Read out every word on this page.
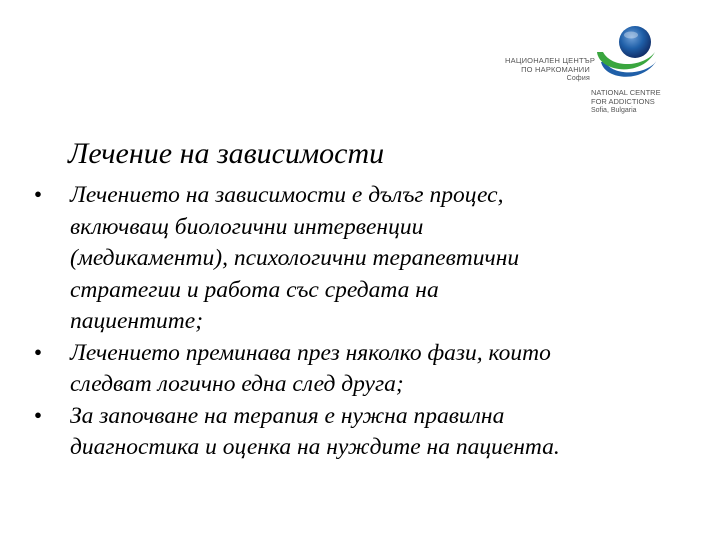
НАЦИОНАЛЕН ЦЕНТЪР
ПО НАРКОМАНИИ
София
NATIONAL CENTRE
FOR ADDICTIONS
Sofia, Bulgaria
Лечение на зависимости
• Лечението на зависимости е дълъг процес,
включващ биологични интервенции
(медикаменти), психологични терапевтични
стратегии и работа със средата на
пациентите;
• Лечението преминава през няколко фази, които
следват логично една след друга;
• За започване на терапия е нужна правилна
диагностика и оценка на нуждите на пациента.
